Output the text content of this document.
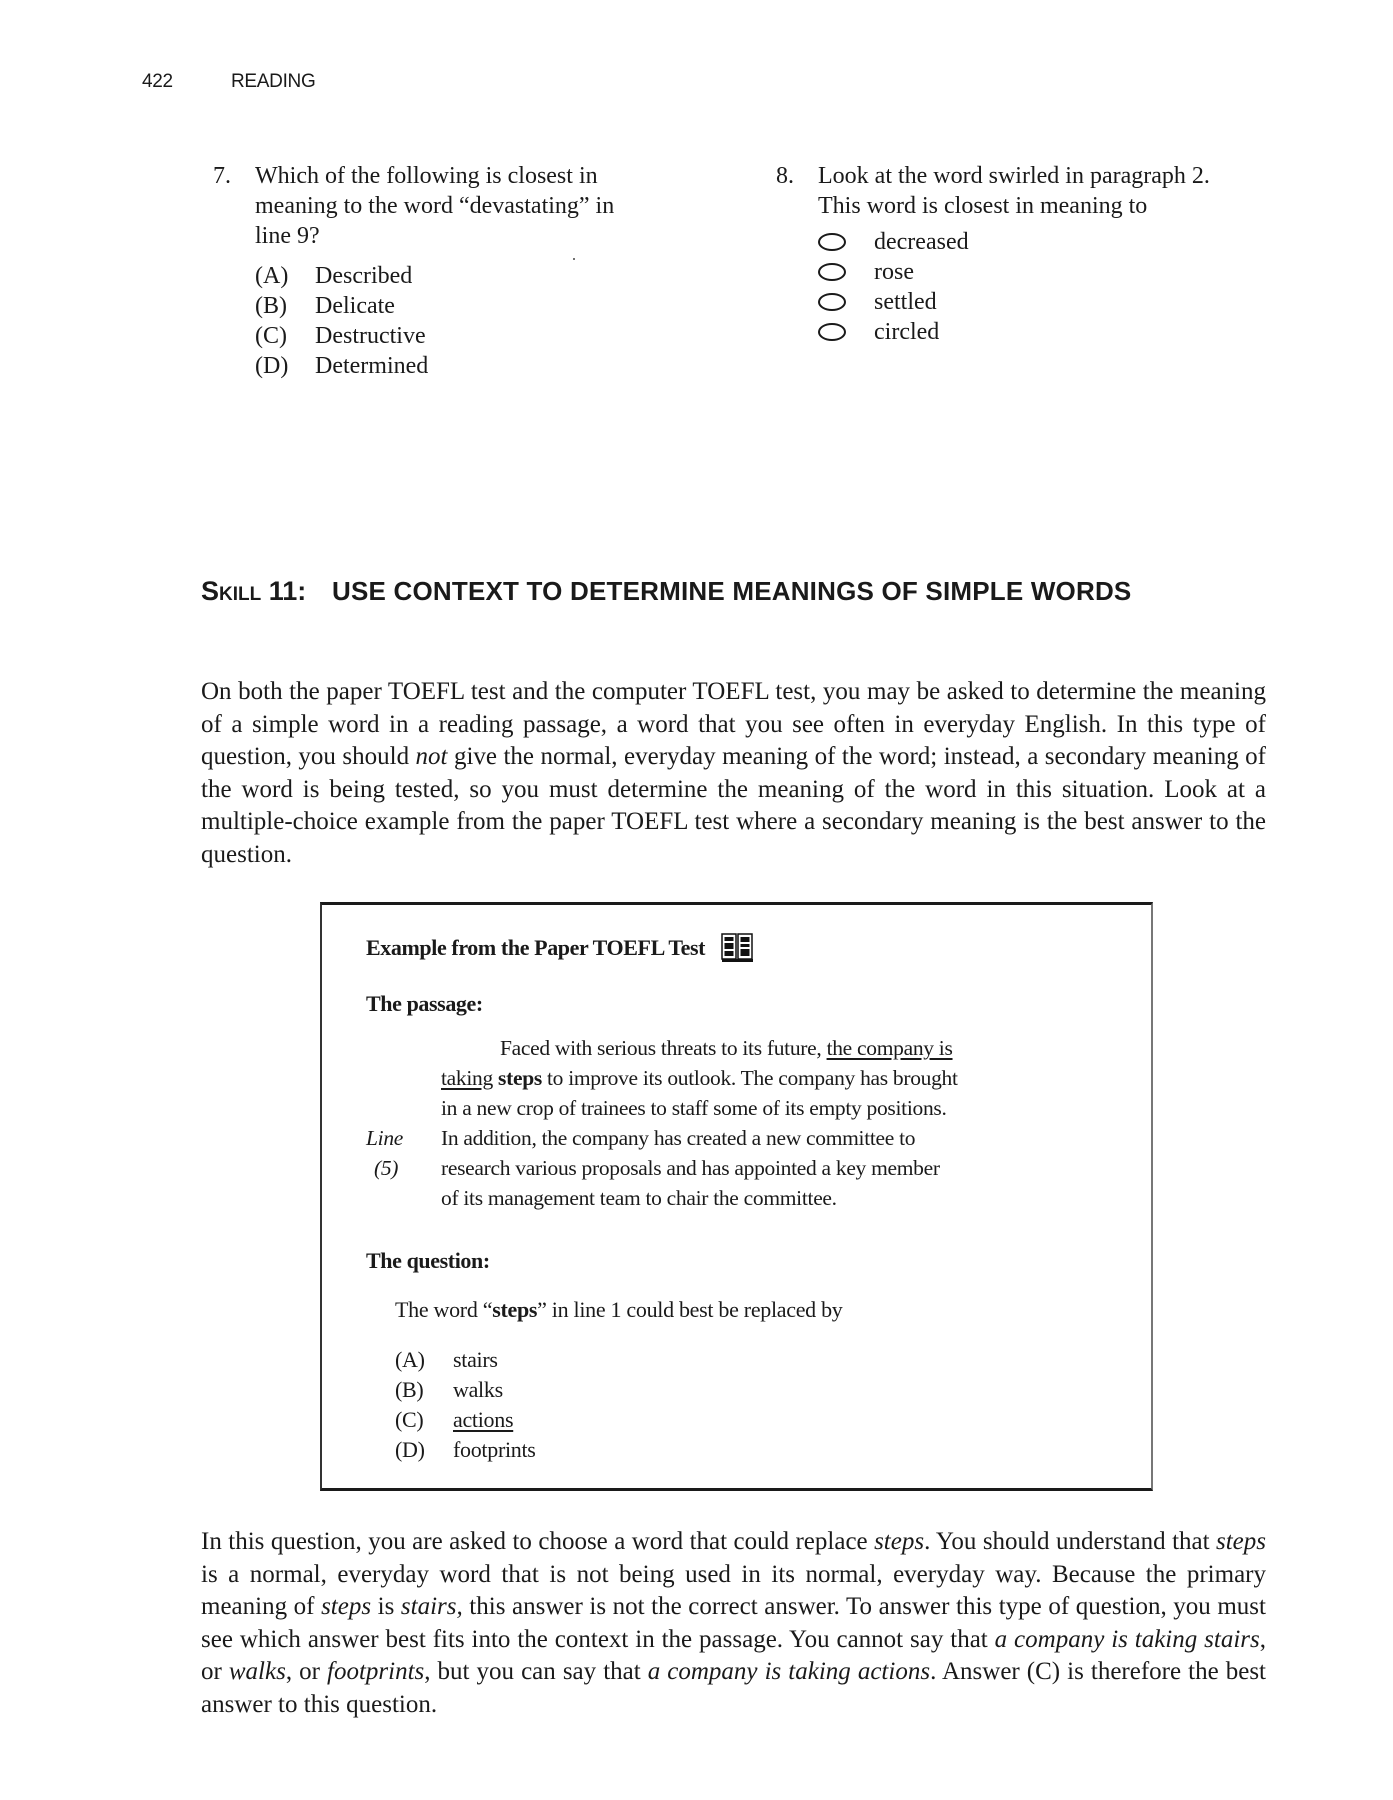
422	READING
7. Which of the following is closest in
meaning to the word “devastating” in
line 9?
(A) Described
(B) Delicate
(C) Destructive
(D) Determined
8. Look at the word swirled in paragraph 2.
This word is closest in meaning to
decreased
rose
settled
circled
Skill 11: USE CONTEXT TO DETERMINE MEANINGS OF SIMPLE WORDS

On both the paper TOEFL test and the computer TOEFL test, you may be asked to determine the meaning of a simple word in a reading passage, a word that you see often in everyday English. In this type of question, you should not give the normal, everyday meaning of the word; instead, a secondary meaning of the word is being tested, so you must determine the meaning of the word in this situation. Look at a multiple-choice example from the paper TOEFL test where a secondary meaning is the best answer to the question.

Example from the Paper TOEFL Test
The passage:
Faced with serious threats to its future, the company is
taking steps to improve its outlook. The company has brought
in a new crop of trainees to staff some of its empty positions.
Line In addition, the company has created a new committee to
(5) research various proposals and has appointed a key member
of its management team to chair the committee.
The question:
The word “steps” in line 1 could best be replaced by
(A) stairs
(B) walks
(C) actions
(D) footprints

In this question, you are asked to choose a word that could replace steps. You should understand that steps is a normal, everyday word that is not being used in its normal, everyday way. Because the primary meaning of steps is stairs, this answer is not the correct answer. To answer this type of question, you must see which answer best fits into the context in the passage. You cannot say that a company is taking stairs, or walks, or footprints, but you can say that a company is taking actions. Answer (C) is therefore the best answer to this question.
